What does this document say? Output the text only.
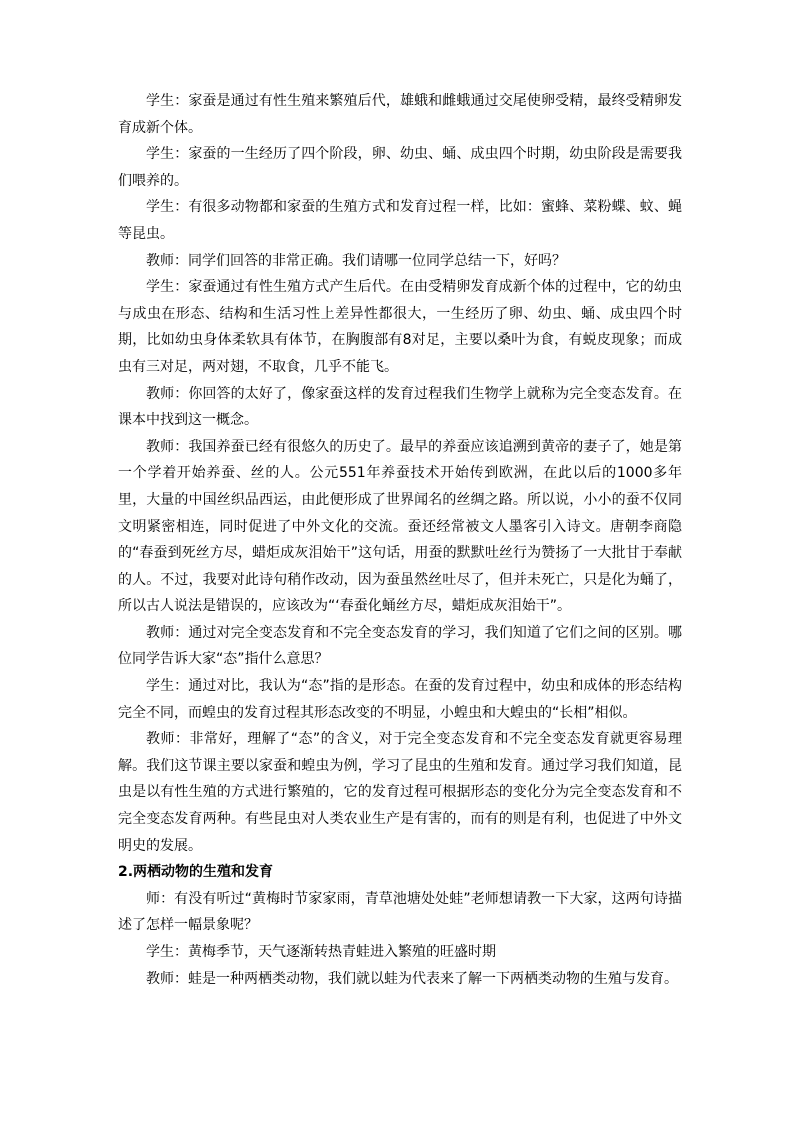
学生：家蚕是通过有性生殖来繁殖后代，雄蛾和雌蛾通过交尾使卵受精，最终受精卵发育成新个体。

学生：家蚕的一生经历了四个阶段，卵、幼虫、蛹、成虫四个时期，幼虫阶段是需要我们喂养的。

学生：有很多动物都和家蚕的生殖方式和发育过程一样，比如：蜜蜂、菜粉蝶、蚊、蝇等昆虫。

教师：同学们回答的非常正确。我们请哪一位同学总结一下，好吗？

学生：家蚕通过有性生殖方式产生后代。在由受精卵发育成新个体的过程中，它的幼虫与成虫在形态、结构和生活习性上差异性都很大，一生经历了卵、幼虫、蛹、成虫四个时期，比如幼虫身体柔软具有体节，在胸腹部有8对足，主要以桑叶为食，有蜕皮现象；而成虫有三对足，两对翅，不取食，几乎不能飞。

教师：你回答的太好了，像家蚕这样的发育过程我们生物学上就称为完全变态发育。在课本中找到这一概念。

教师：我国养蚕已经有很悠久的历史了。最早的养蚕应该追溯到黄帝的妻子了，她是第一个学着开始养蚕、丝的人。公元551年养蚕技术开始传到欧洲，在此以后的1000多年里，大量的中国丝织品西运，由此便形成了世界闻名的丝绸之路。所以说，小小的蚕不仅同文明紧密相连，同时促进了中外文化的交流。蚕还经常被文人墨客引入诗文。唐朝李商隐的“春蚕到死丝方尽，蜡炬成灰泪始干”这句话，用蚕的默默吐丝行为赞扬了一大批甘于奉献的人。不过，我要对此诗句稍作改动，因为蚕虽然丝吐尽了，但并未死亡，只是化为蛹了，所以古人说法是错误的，应该改为“‘春蚕化蛹丝方尽，蜡炬成灰泪始干”。

教师：通过对完全变态发育和不完全变态发育的学习，我们知道了它们之间的区别。哪位同学告诉大家“态”指什么意思？

学生：通过对比，我认为“态”指的是形态。在蚕的发育过程中，幼虫和成体的形态结构完全不同，而蝗虫的发育过程其形态改变的不明显，小蝗虫和大蝗虫的“长相”相似。

教师：非常好，理解了“态”的含义，对于完全变态发育和不完全变态发育就更容易理解。我们这节课主要以家蚕和蝗虫为例，学习了昆虫的生殖和发育。通过学习我们知道，昆虫是以有性生殖的方式进行繁殖的，它的发育过程可根据形态的变化分为完全变态发育和不完全变态发育两种。有些昆虫对人类农业生产是有害的，而有的则是有利，也促进了中外文明史的发展。

2.两栖动物的生殖和发育

师：有没有听过“黄梅时节家家雨，青草池塘处处蛙”老师想请教一下大家，这两句诗描述了怎样一幅景象呢？

学生：黄梅季节，天气逐渐转热青蛙进入繁殖的旺盛时期

教师：蛙是一种两栖类动物，我们就以蛙为代表来了解一下两栖类动物的生殖与发育。
